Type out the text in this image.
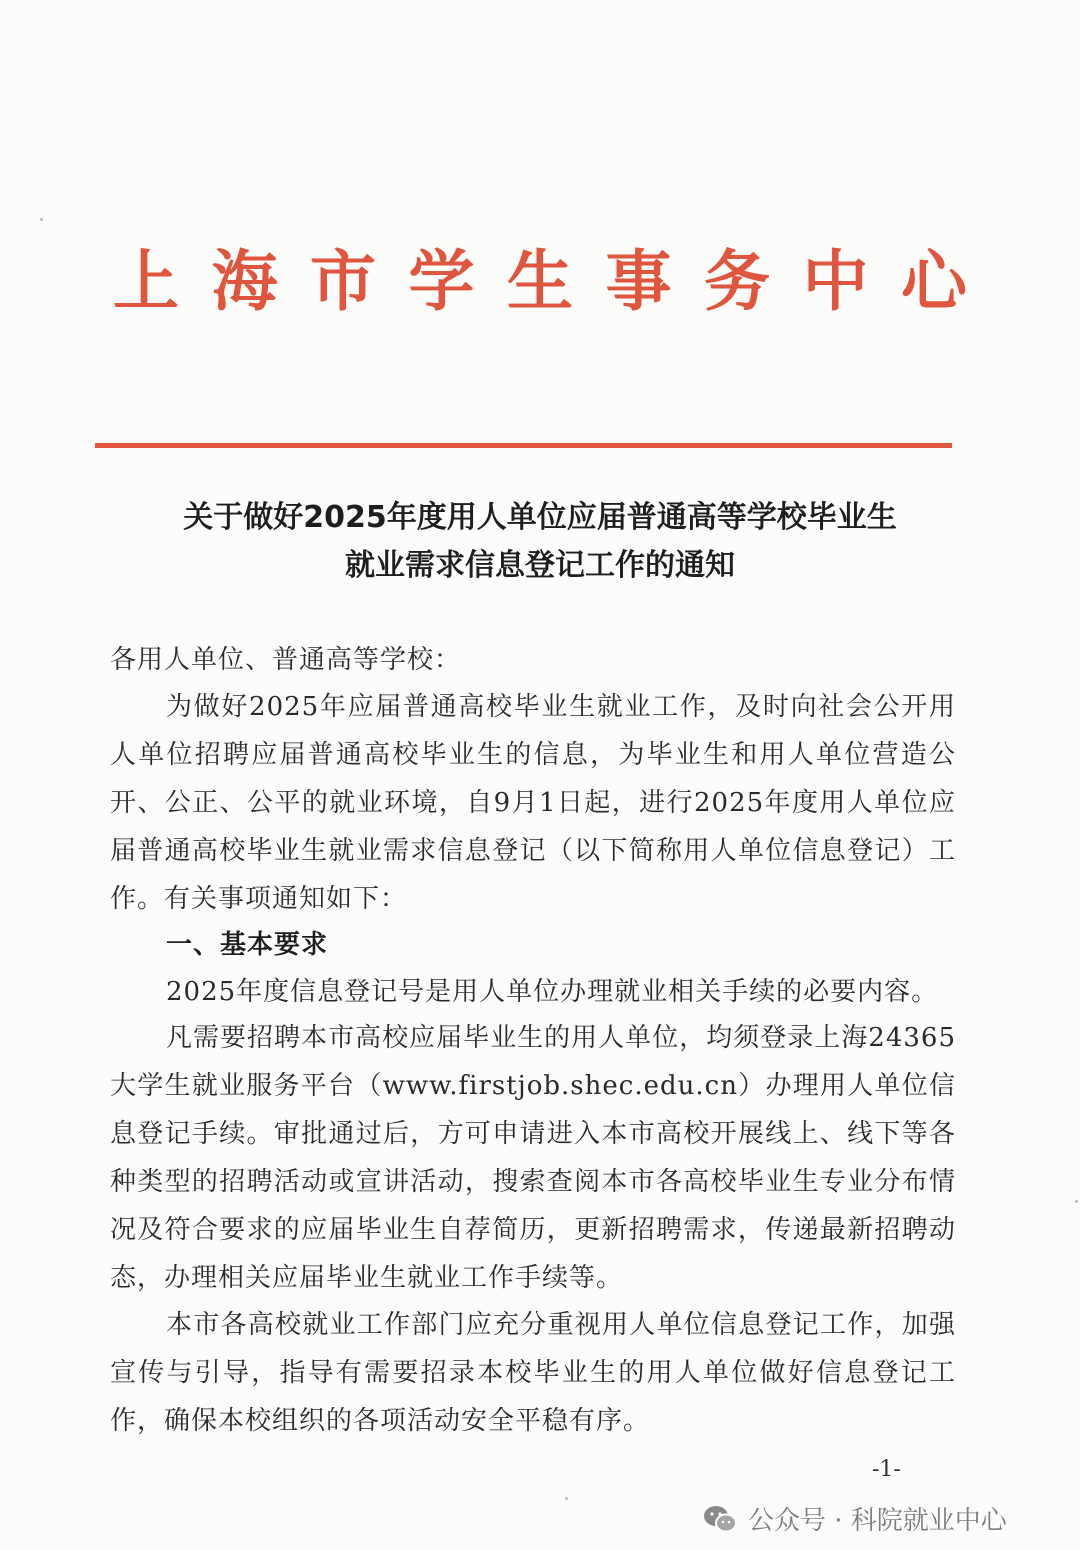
上 海 市 学 生 事 务 中 心
关于做好2025年度用人单位应届普通高等学校毕业生
就业需求信息登记工作的通知
各用人单位、普通高等学校：
为做好2025年应届普通高校毕业生就业工作，及时向社会公开用人单位招聘应届普通高校毕业生的信息，为毕业生和用人单位营造公开、公正、公平的就业环境，自9月1日起，进行2025年度用人单位应届普通高校毕业生就业需求信息登记（以下简称用人单位信息登记）工作。有关事项通知如下：
一、基本要求
2025年度信息登记号是用人单位办理就业相关手续的必要内容。
凡需要招聘本市高校应届毕业生的用人单位，均须登录上海24365大学生就业服务平台（www.firstjob.shec.edu.cn）办理用人单位信息登记手续。审批通过后，方可申请进入本市高校开展线上、线下等各种类型的招聘活动或宣讲活动，搜索查阅本市各高校毕业生专业分布情况及符合要求的应届毕业生自荐简历，更新招聘需求，传递最新招聘动态，办理相关应届毕业生就业工作手续等。
本市各高校就业工作部门应充分重视用人单位信息登记工作，加强宣传与引导，指导有需要招录本校毕业生的用人单位做好信息登记工作，确保本校组织的各项活动安全平稳有序。
-1-
公众号 · 科院就业中心
